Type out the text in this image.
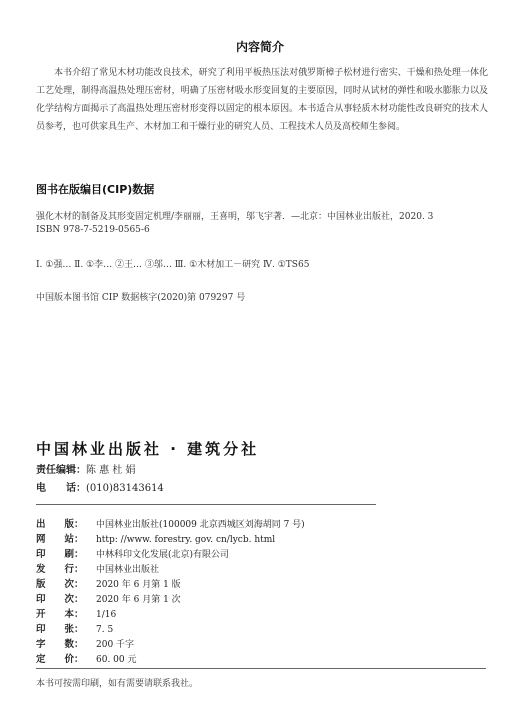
内容简介
本书介绍了常见木材功能改良技术，研究了利用平板热压法对俄罗斯樟子松材进行密实、干燥和热处理一体化工艺处理，制得高温热处理压密材，明确了压密材吸水形变回复的主要原因，同时从试材的弹性和吸水膨胀力以及化学结构方面揭示了高温热处理压密材形变得以固定的根本原因。本书适合从事轻质木材功能性改良研究的技术人员参考，也可供家具生产、木材加工和干燥行业的研究人员、工程技术人员及高校师生参阅。
图书在版编目(CIP)数据
强化木材的制备及其形变固定机理/李丽丽，王喜明，邬飞宇著．—北京：中国林业出版社，2020. 3
ISBN 978-7-5219-0565-6
Ⅰ. ①强… Ⅱ. ①李… ②王… ③邬… Ⅲ. ①木材加工－研究 Ⅳ. ①TS65
中国版本图书馆 CIP 数据核字(2020)第 079297 号
中国林业出版社 · 建筑分社
责任编辑：陈 惠 杜 娟
电　　话：(010)83143614
出　　版： 中国林业出版社(100009 北京西城区刘海胡同 7 号)
网　　站： http: //www. forestry. gov. cn/lycb. html
印　　刷： 中林科印文化发展(北京)有限公司
发　　行： 中国林业出版社
版　　次： 2020 年 6 月第 1 版
印　　次： 2020 年 6 月第 1 次
开　　本： 1/16
印　　张： 7. 5
字　　数： 200 千字
定　　价： 60. 00 元
本书可按需印刷，如有需要请联系我社。
